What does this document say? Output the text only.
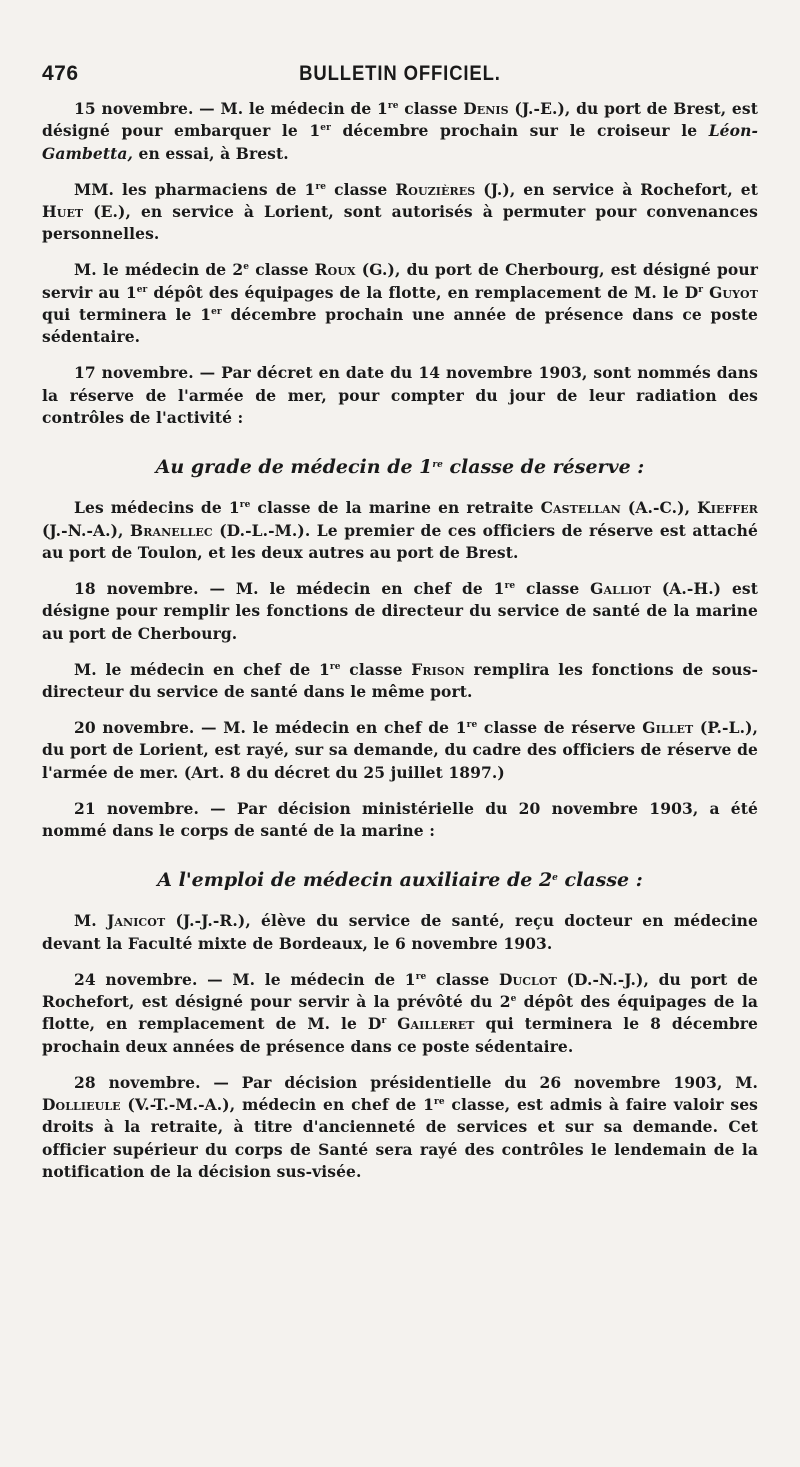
476	BULLETIN OFFICIEL.

15 novembre. — M. le médecin de 1re classe Denis (J.-E.), du port de Brest, est désigné pour embarquer le 1er décembre prochain sur le croiseur le Léon-Gambetta, en essai, à Brest.

MM. les pharmaciens de 1re classe Rouzières (J.), en service à Rochefort, et Huet (E.), en service à Lorient, sont autorisés à permuter pour convenances personnelles.

M. le médecin de 2e classe Roux (G.), du port de Cherbourg, est désigné pour servir au 1er dépôt des équipages de la flotte, en remplacement de M. le $D^r$ Guyot qui terminera le 1er décembre prochain une année de présence dans ce poste sédentaire.

17 novembre. — Par décret en date du 14 novembre 1903, sont nommés dans la réserve de l'armée de mer, pour compter du jour de leur radiation des contrôles de l'activité :

Au grade de médecin de 1re classe de réserve :

Les médecins de 1re classe de la marine en retraite Castellan (A.-C.), Kieffer (J.-N.-A.), Branellec (D.-L.-M.). Le premier de ces officiers de réserve est attaché au port de Toulon, et les deux autres au port de Brest.

18 novembre. — M. le médecin en chef de 1re classe Galliot (A.-H.) est désigne pour remplir les fonctions de directeur du service de santé de la marine au port de Cherbourg.

M. le médecin en chef de 1re classe Frison remplira les fonctions de sous-directeur du service de santé dans le même port.

20 novembre. — M. le médecin en chef de 1re classe de réserve Gillet (P.-L.), du port de Lorient, est rayé, sur sa demande, du cadre des officiers de réserve de l'armée de mer. (Art. 8 du décret du 25 juillet 1897.)

21 novembre. — Par décision ministérielle du 20 novembre 1903, a été nommé dans le corps de santé de la marine :

A l'emploi de médecin auxiliaire de 2e classe :

M. Janicot (J.-J.-R.), élève du service de santé, reçu docteur en médecine devant la Faculté mixte de Bordeaux, le 6 novembre 1903.

24 novembre. — M. le médecin de 1re classe Duclot (D.-N.-J.), du port de Rochefort, est désigné pour servir à la prévôté du 2e dépôt des équipages de la flotte, en remplacement de M. le $D^r$ Gailleret qui terminera le 8 décembre prochain deux années de présence dans ce poste sédentaire.

28 novembre. — Par décision présidentielle du 26 novembre 1903, M. Dollieule (V.-T.-M.-A.), médecin en chef de 1re classe, est admis à faire valoir ses droits à la retraite, à titre d'ancienneté de services et sur sa demande. Cet officier supérieur du corps de Santé sera rayé des contrôles le lendemain de la notification de la décision sus-visée.
